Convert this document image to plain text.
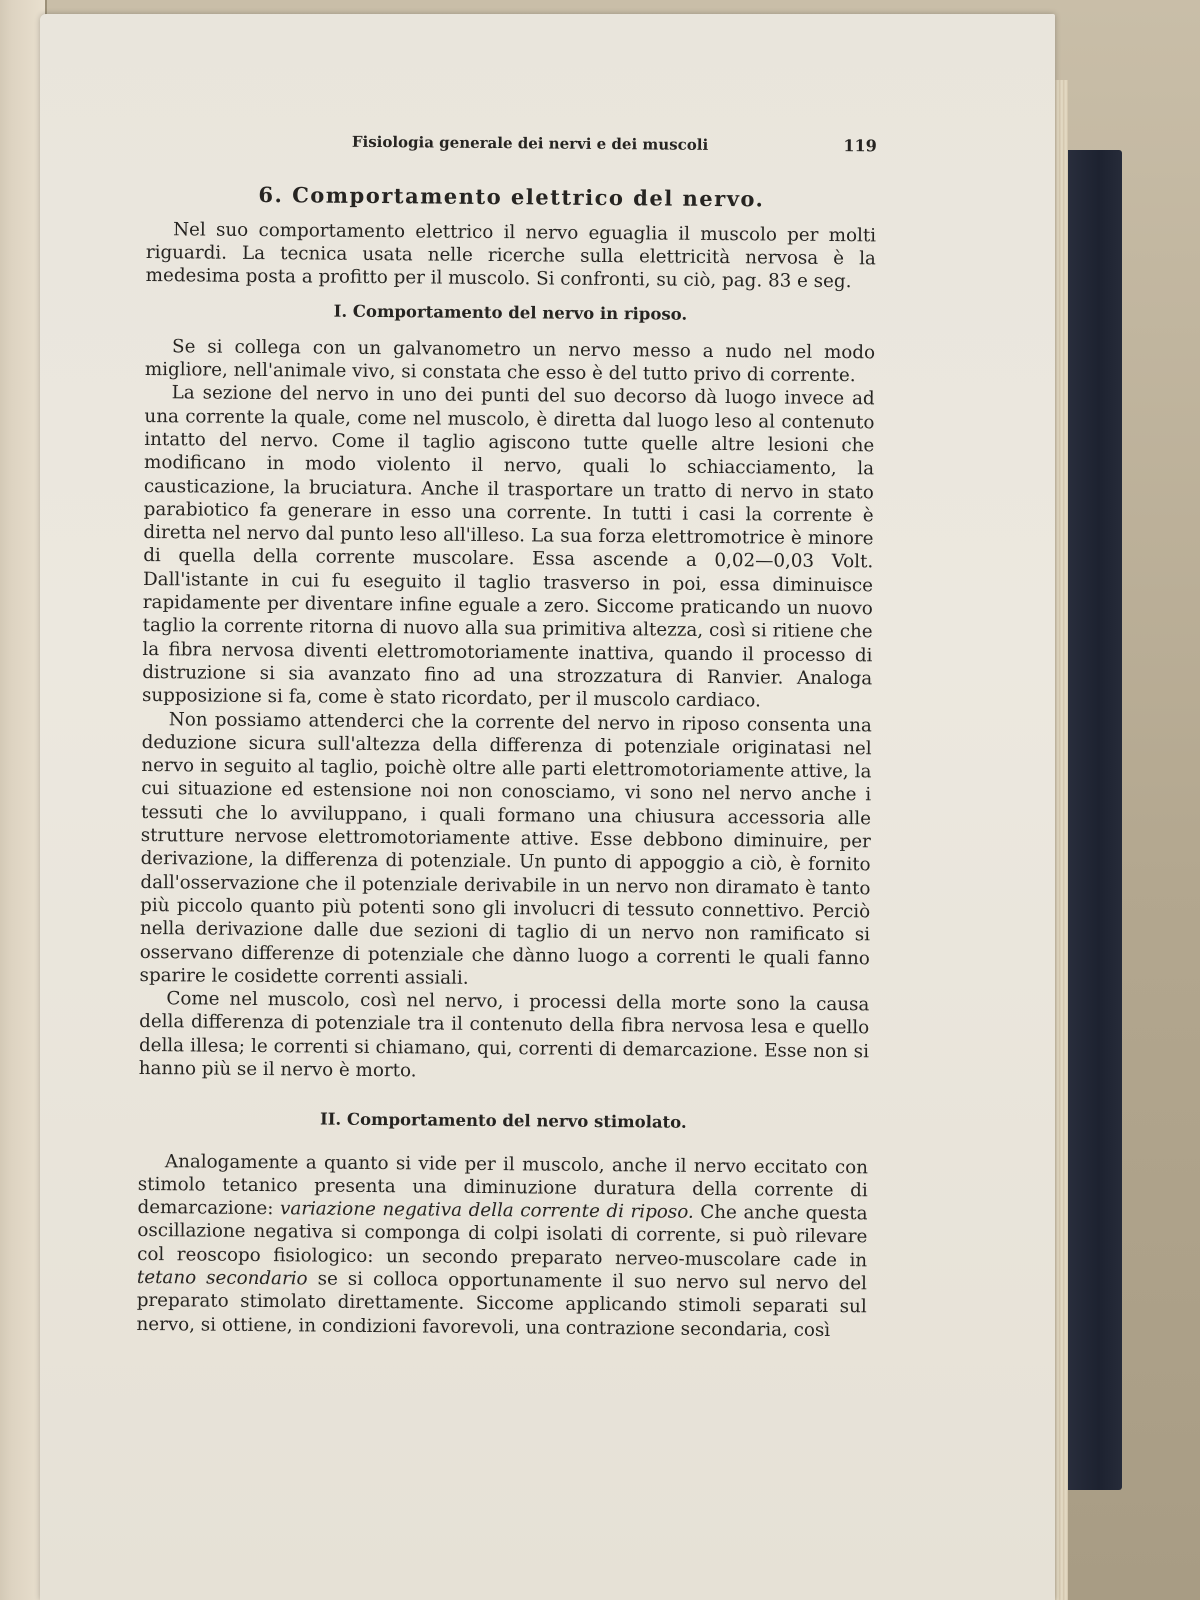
Fisiologia generale dei nervi e dei muscoli	119
6. Comportamento elettrico del nervo.

Nel suo comportamento elettrico il nervo eguaglia il muscolo per molti riguardi. La tecnica usata nelle ricerche sulla elettricità nervosa è la medesima posta a profitto per il muscolo. Si confronti, su ciò, pag. 83 e seg.

I. Comportamento del nervo in riposo.

Se si collega con un galvanometro un nervo messo a nudo nel modo migliore, nell'animale vivo, si constata che esso è del tutto privo di corrente.

La sezione del nervo in uno dei punti del suo decorso dà luogo invece ad una corrente la quale, come nel muscolo, è diretta dal luogo leso al contenuto intatto del nervo. Come il taglio agiscono tutte quelle altre lesioni che modificano in modo violento il nervo, quali lo schiacciamento, la causticazione, la bruciatura. Anche il trasportare un tratto di nervo in stato parabiotico fa generare in esso una corrente. In tutti i casi la corrente è diretta nel nervo dal punto leso all'illeso. La sua forza elettromotrice è minore di quella della corrente muscolare. Essa ascende a 0,02—0,03 Volt. Dall'istante in cui fu eseguito il taglio trasverso in poi, essa diminuisce rapidamente per diventare infine eguale a zero. Siccome praticando un nuovo taglio la corrente ritorna di nuovo alla sua primitiva altezza, così si ritiene che la fibra nervosa diventi elettromotoriamente inattiva, quando il processo di distruzione si sia avanzato fino ad una strozzatura di Ranvier. Analoga supposizione si fa, come è stato ricordato, per il muscolo cardiaco.

Non possiamo attenderci che la corrente del nervo in riposo consenta una deduzione sicura sull'altezza della differenza di potenziale originatasi nel nervo in seguito al taglio, poichè oltre alle parti elettromotoriamente attive, la cui situazione ed estensione noi non conosciamo, vi sono nel nervo anche i tessuti che lo avviluppano, i quali formano una chiusura accessoria alle strutture nervose elettromotoriamente attive. Esse debbono diminuire, per derivazione, la differenza di potenziale. Un punto di appoggio a ciò, è fornito dall'osservazione che il potenziale derivabile in un nervo non diramato è tanto più piccolo quanto più potenti sono gli involucri di tessuto connettivo. Perciò nella derivazione dalle due sezioni di taglio di un nervo non ramificato si osservano differenze di potenziale che dànno luogo a correnti le quali fanno sparire le cosidette correnti assiali.

Come nel muscolo, così nel nervo, i processi della morte sono la causa della differenza di potenziale tra il contenuto della fibra nervosa lesa e quello della illesa; le correnti si chiamano, qui, correnti di demarcazione. Esse non si hanno più se il nervo è morto.

II. Comportamento del nervo stimolato.

Analogamente a quanto si vide per il muscolo, anche il nervo eccitato con stimolo tetanico presenta una diminuzione duratura della corrente di demarcazione: variazione negativa della corrente di riposo. Che anche questa oscillazione negativa si componga di colpi isolati di corrente, si può rilevare col reoscopo fisiologico: un secondo preparato nerveo-muscolare cade in tetano secondario se si colloca opportunamente il suo nervo sul nervo del preparato stimolato direttamente. Siccome applicando stimoli separati sul nervo, si ottiene, in condizioni favorevoli, una contrazione secondaria, così
